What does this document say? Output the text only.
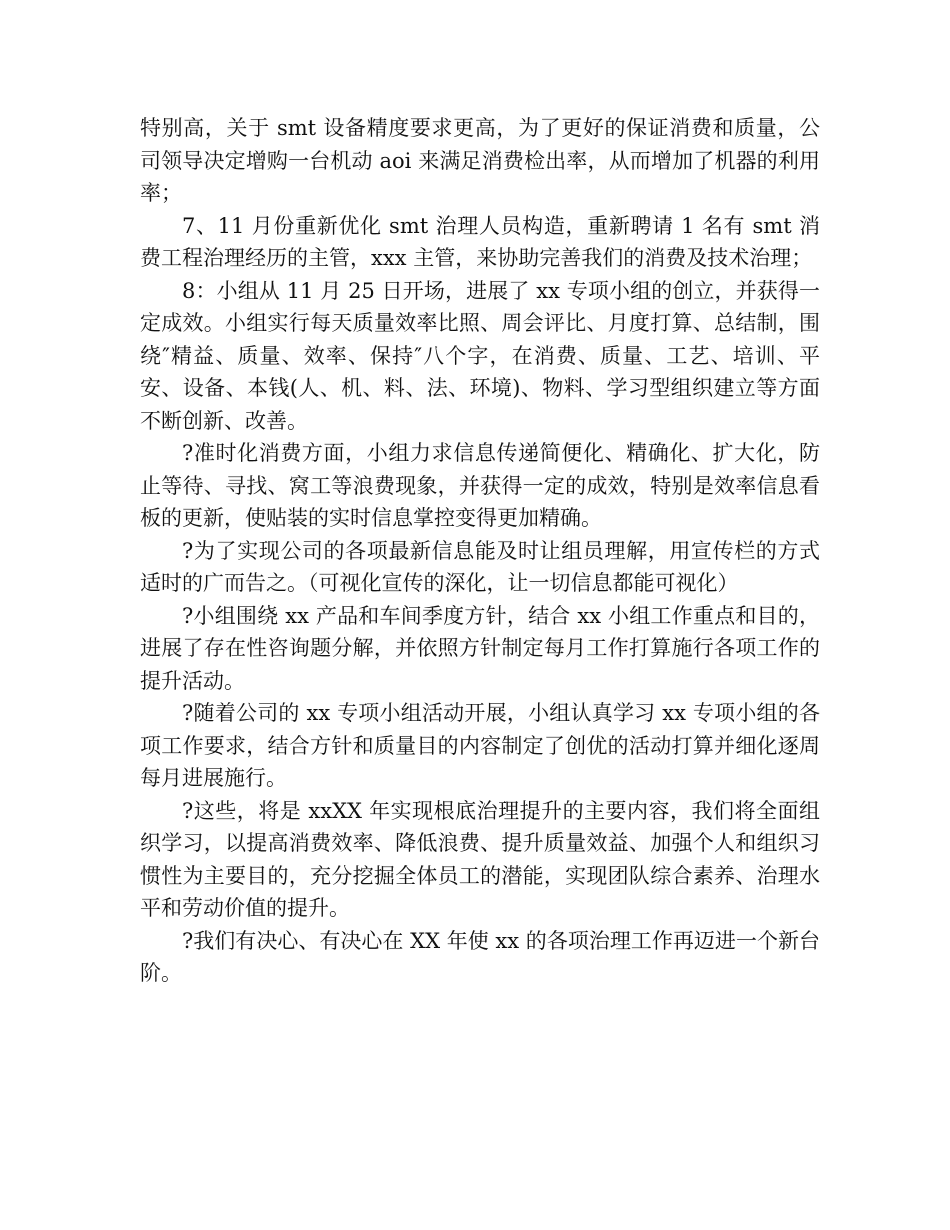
特别高，关于 smt 设备精度要求更高，为了更好的保证消费和质量，公司领导决定增购一台机动 aoi 来满足消费检出率，从而增加了机器的利用率；

7、11 月份重新优化 smt 治理人员构造，重新聘请 1 名有 smt 消费工程治理经历的主管，xxx 主管，来协助完善我们的消费及技术治理；

8：小组从 11 月 25 日开场，进展了 xx 专项小组的创立，并获得一定成效。小组实行每天质量效率比照、周会评比、月度打算、总结制，围绕″精益、质量、效率、保持″八个字，在消费、质量、工艺、培训、平安、设备、本钱(人、机、料、法、环境)、物料、学习型组织建立等方面不断创新、改善。

?准时化消费方面，小组力求信息传递简便化、精确化、扩大化，防止等待、寻找、窝工等浪费现象，并获得一定的成效，特别是效率信息看板的更新，使贴装的实时信息掌控变得更加精确。

?为了实现公司的各项最新信息能及时让组员理解，用宣传栏的方式适时的广而告之。（可视化宣传的深化，让一切信息都能可视化）

?小组围绕 xx 产品和车间季度方针，结合 xx 小组工作重点和目的，进展了存在性咨询题分解，并依照方针制定每月工作打算施行各项工作的提升活动。

?随着公司的 xx 专项小组活动开展，小组认真学习 xx 专项小组的各项工作要求，结合方针和质量目的内容制定了创优的活动打算并细化逐周每月进展施行。

?这些，将是 xxXX 年实现根底治理提升的主要内容，我们将全面组织学习，以提高消费效率、降低浪费、提升质量效益、加强个人和组织习惯性为主要目的，充分挖掘全体员工的潜能，实现团队综合素养、治理水平和劳动价值的提升。

?我们有决心、有决心在 XX 年使 xx 的各项治理工作再迈进一个新台阶。
